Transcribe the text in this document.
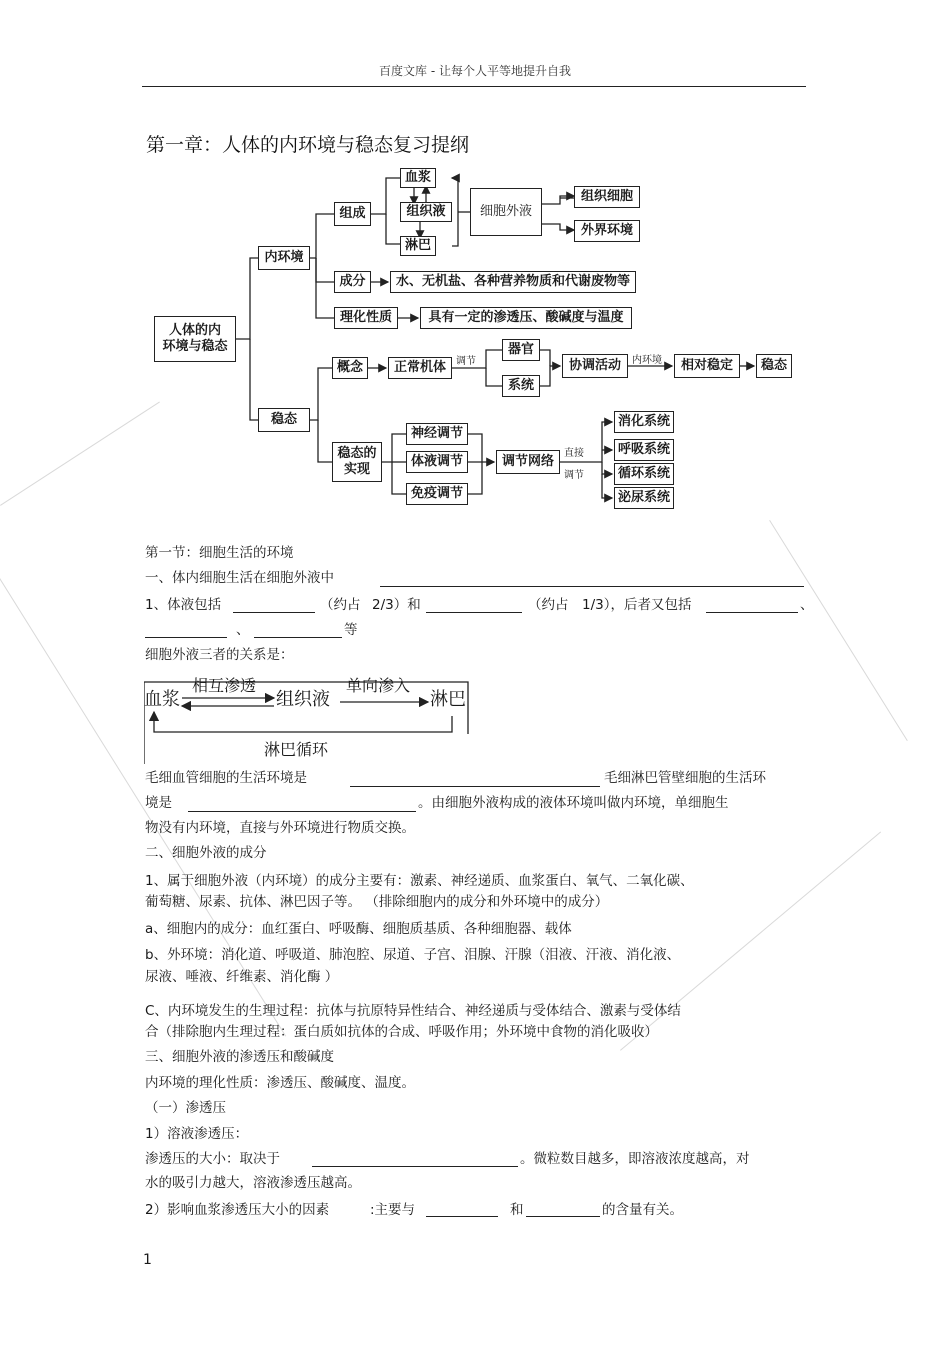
百度文库 - 让每个人平等地提升自我
第一章：人体的内环境与稳态复习提纲
人体的内
环境与稳态
内环境
稳态
组成
血浆
组织液
淋巴
细胞外液
组织细胞
外界环境
成分	水、无机盐、各种营养物质和代谢废物等
理化性质	具有一定的渗透压、酸碱度与温度
概念	正常机体	调节
器官
系统
协调活动	内环境	相对稳定	稳态
稳态的
实现
神经调节
体液调节
免疫调节
调节网络
直接
调节
消化系统
呼吸系统
循环系统
泌尿系统
第一节：细胞生活的环境
一、体内细胞生活在细胞外液中
1、体液包括	（约占 2/3）和	（约占 1/3），后者又包括	、
、	等
细胞外液三者的关系是：
血浆
相互渗透
组织液
单向渗入
淋巴
淋巴循环
毛细血管细胞的生活环境是	毛细淋巴管壁细胞的生活环
境是	。由细胞外液构成的液体环境叫做内环境，单细胞生
物没有内环境，直接与外环境进行物质交换。
二、细胞外液的成分
1、属于细胞外液（内环境）的成分主要有：激素、神经递质、血浆蛋白、氧气、二氧化碳、
葡萄糖、尿素、抗体、淋巴因子等。 （排除细胞内的成分和外环境中的成分）
a、细胞内的成分：血红蛋白、呼吸酶、细胞质基质、各种细胞器、载体
b、外环境：消化道、呼吸道、肺泡腔、尿道、子宫、泪腺、汗腺（泪液、汗液、消化液、
尿液、唾液、纤维素、消化酶 ）
C、内环境发生的生理过程：抗体与抗原特异性结合、神经递质与受体结合、激素与受体结
合（排除胞内生理过程：蛋白质如抗体的合成、呼吸作用；外环境中食物的消化吸收）
三、细胞外液的渗透压和酸碱度
内环境的理化性质：渗透压、酸碱度、温度。
（一）渗透压
1）溶液渗透压：
渗透压的大小：取决于	。微粒数目越多，即溶液浓度越高，对
水的吸引力越大，溶液渗透压越高。
2）影响血浆渗透压大小的因素	:主要与	和	的含量有关。
1
